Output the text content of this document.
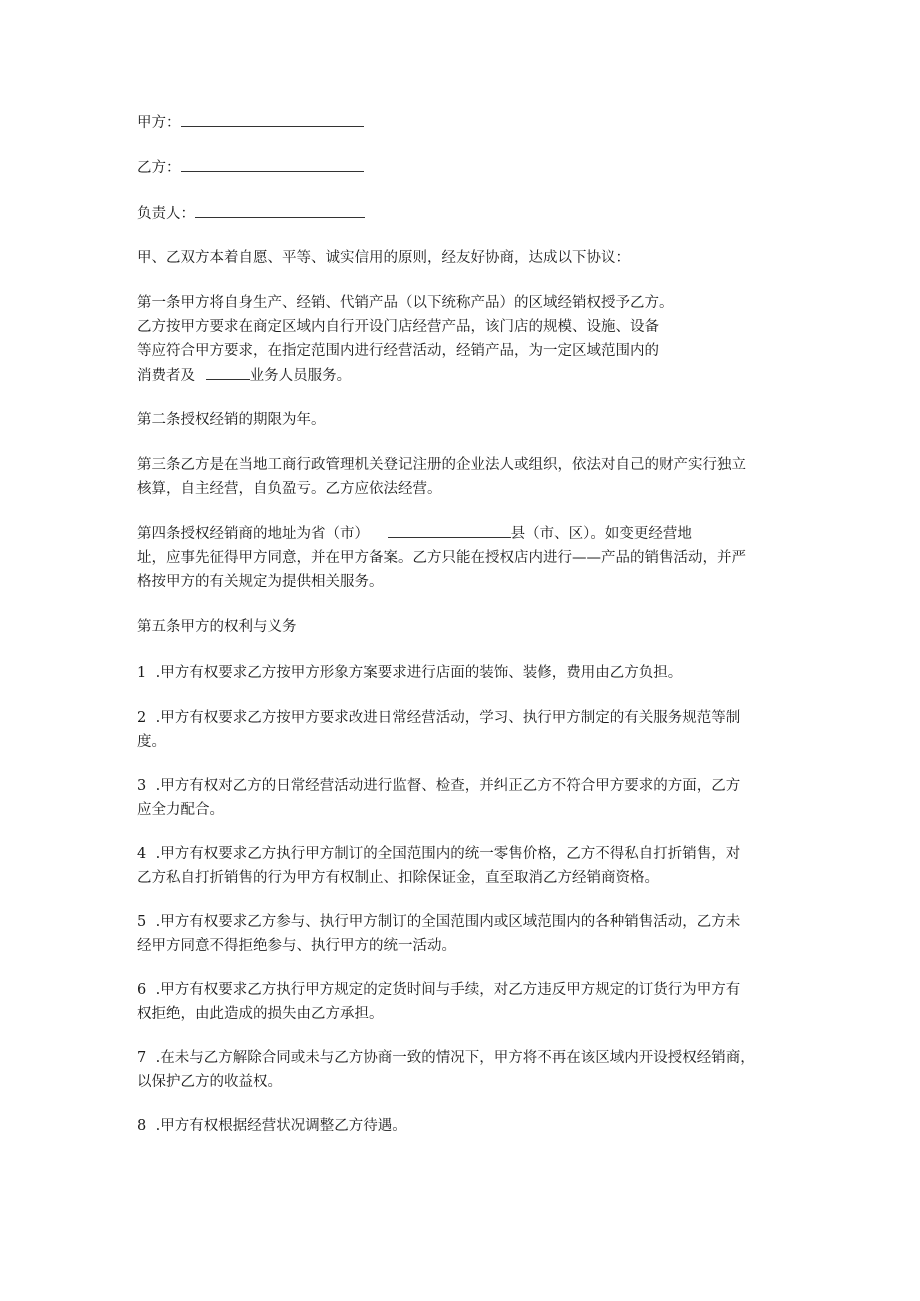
甲方：
乙方：
负责人：

甲、乙双方本着自愿、平等、诚实信用的原则，经友好协商，达成以下协议：

第一条甲方将自身生产、经销、代销产品（以下统称产品）的区域经销权授予乙方。

乙方按甲方要求在商定区域内自行开设门店经营产品，该门店的规模、设施、设备

等应符合甲方要求，在指定范围内进行经营活动，经销产品，为一定区域范围内的

消费者及	业务人员服务。

第二条授权经销的期限为年。

第三条乙方是在当地工商行政管理机关登记注册的企业法人或组织，依法对自己的财产实行独立

核算，自主经营，自负盈亏。乙方应依法经营。

第四条授权经销商的地址为省（市）	县（市、区）。如变更经营地

址，应事先征得甲方同意，并在甲方备案。乙方只能在授权店内进行——产品的销售活动，并严

格按甲方的有关规定为提供相关服务。

第五条甲方的权利与义务

1 .甲方有权要求乙方按甲方形象方案要求进行店面的装饰、装修，费用由乙方负担。

2 .甲方有权要求乙方按甲方要求改进日常经营活动，学习、执行甲方制定的有关服务规范等制

度。

3 .甲方有权对乙方的日常经营活动进行监督、检查，并纠正乙方不符合甲方要求的方面，乙方

应全力配合。

4 .甲方有权要求乙方执行甲方制订的全国范围内的统一零售价格，乙方不得私自打折销售，对

乙方私自打折销售的行为甲方有权制止、扣除保证金，直至取消乙方经销商资格。

5 .甲方有权要求乙方参与、执行甲方制订的全国范围内或区域范围内的各种销售活动，乙方未

经甲方同意不得拒绝参与、执行甲方的统一活动。

6 .甲方有权要求乙方执行甲方规定的定货时间与手续，对乙方违反甲方规定的订货行为甲方有

权拒绝，由此造成的损失由乙方承担。

7 .在未与乙方解除合同或未与乙方协商一致的情况下，甲方将不再在该区域内开设授权经销商，

以保护乙方的收益权。

8 .甲方有权根据经营状况调整乙方待遇。
